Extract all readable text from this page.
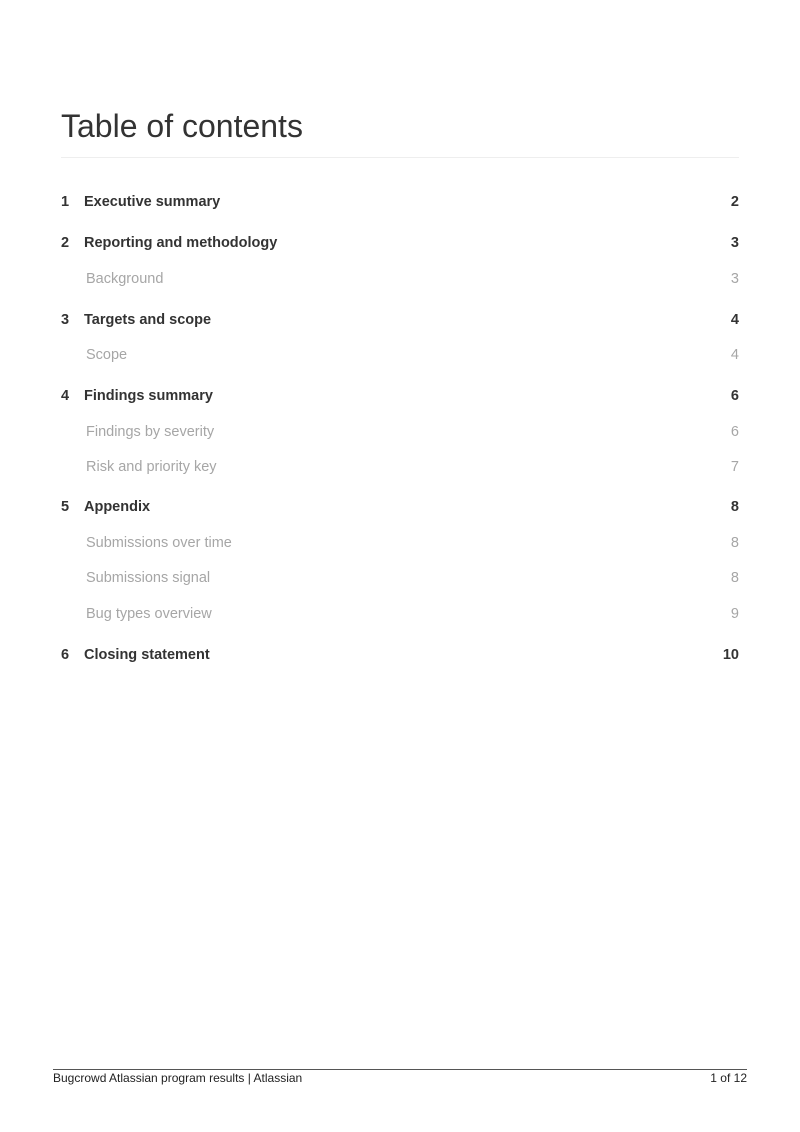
Table of contents
1 Executive summary	2
2 Reporting and methodology	3
Background	3
3 Targets and scope	4
Scope	4
4 Findings summary	6
Findings by severity	6
Risk and priority key	7
5 Appendix	8
Submissions over time	8
Submissions signal	8
Bug types overview	9
6 Closing statement	10
Bugcrowd Atlassian program results | Atlassian	1 of 12
